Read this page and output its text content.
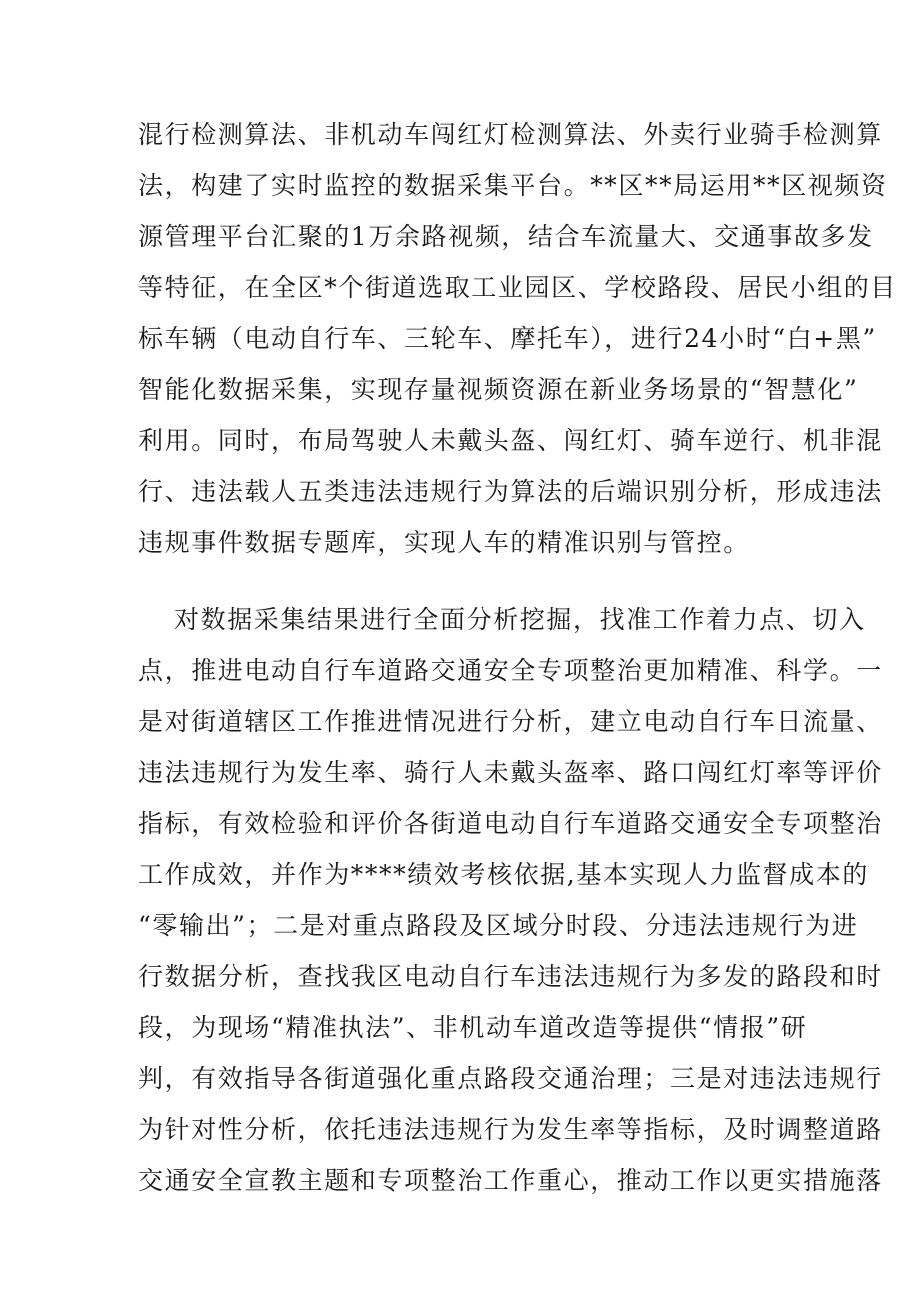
混行检测算法、非机动车闯红灯检测算法、外卖行业骑手检测算
法，构建了实时监控的数据采集平台。**区**局运用**区视频资
源管理平台汇聚的1万余路视频，结合车流量大、交通事故多发
等特征，在全区*个街道选取工业园区、学校路段、居民小组的目
标车辆（电动自行车、三轮车、摩托车），进行24小时“白+黑”
智能化数据采集，实现存量视频资源在新业务场景的“智慧化”
利用。同时，布局驾驶人未戴头盔、闯红灯、骑车逆行、机非混
行、违法载人五类违法违规行为算法的后端识别分析，形成违法
违规事件数据专题库，实现人车的精准识别与管控。
对数据采集结果进行全面分析挖掘，找准工作着力点、切入
点，推进电动自行车道路交通安全专项整治更加精准、科学。一
是对街道辖区工作推进情况进行分析，建立电动自行车日流量、
违法违规行为发生率、骑行人未戴头盔率、路口闯红灯率等评价
指标，有效检验和评价各街道电动自行车道路交通安全专项整治
工作成效，并作为****绩效考核依据,基本实现人力监督成本的
“零输出”；二是对重点路段及区域分时段、分违法违规行为进
行数据分析，查找我区电动自行车违法违规行为多发的路段和时
段，为现场“精准执法”、非机动车道改造等提供“情报”研
判，有效指导各街道强化重点路段交通治理；三是对违法违规行
为针对性分析，依托违法违规行为发生率等指标，及时调整道路
交通安全宣教主题和专项整治工作重心，推动工作以更实措施落
